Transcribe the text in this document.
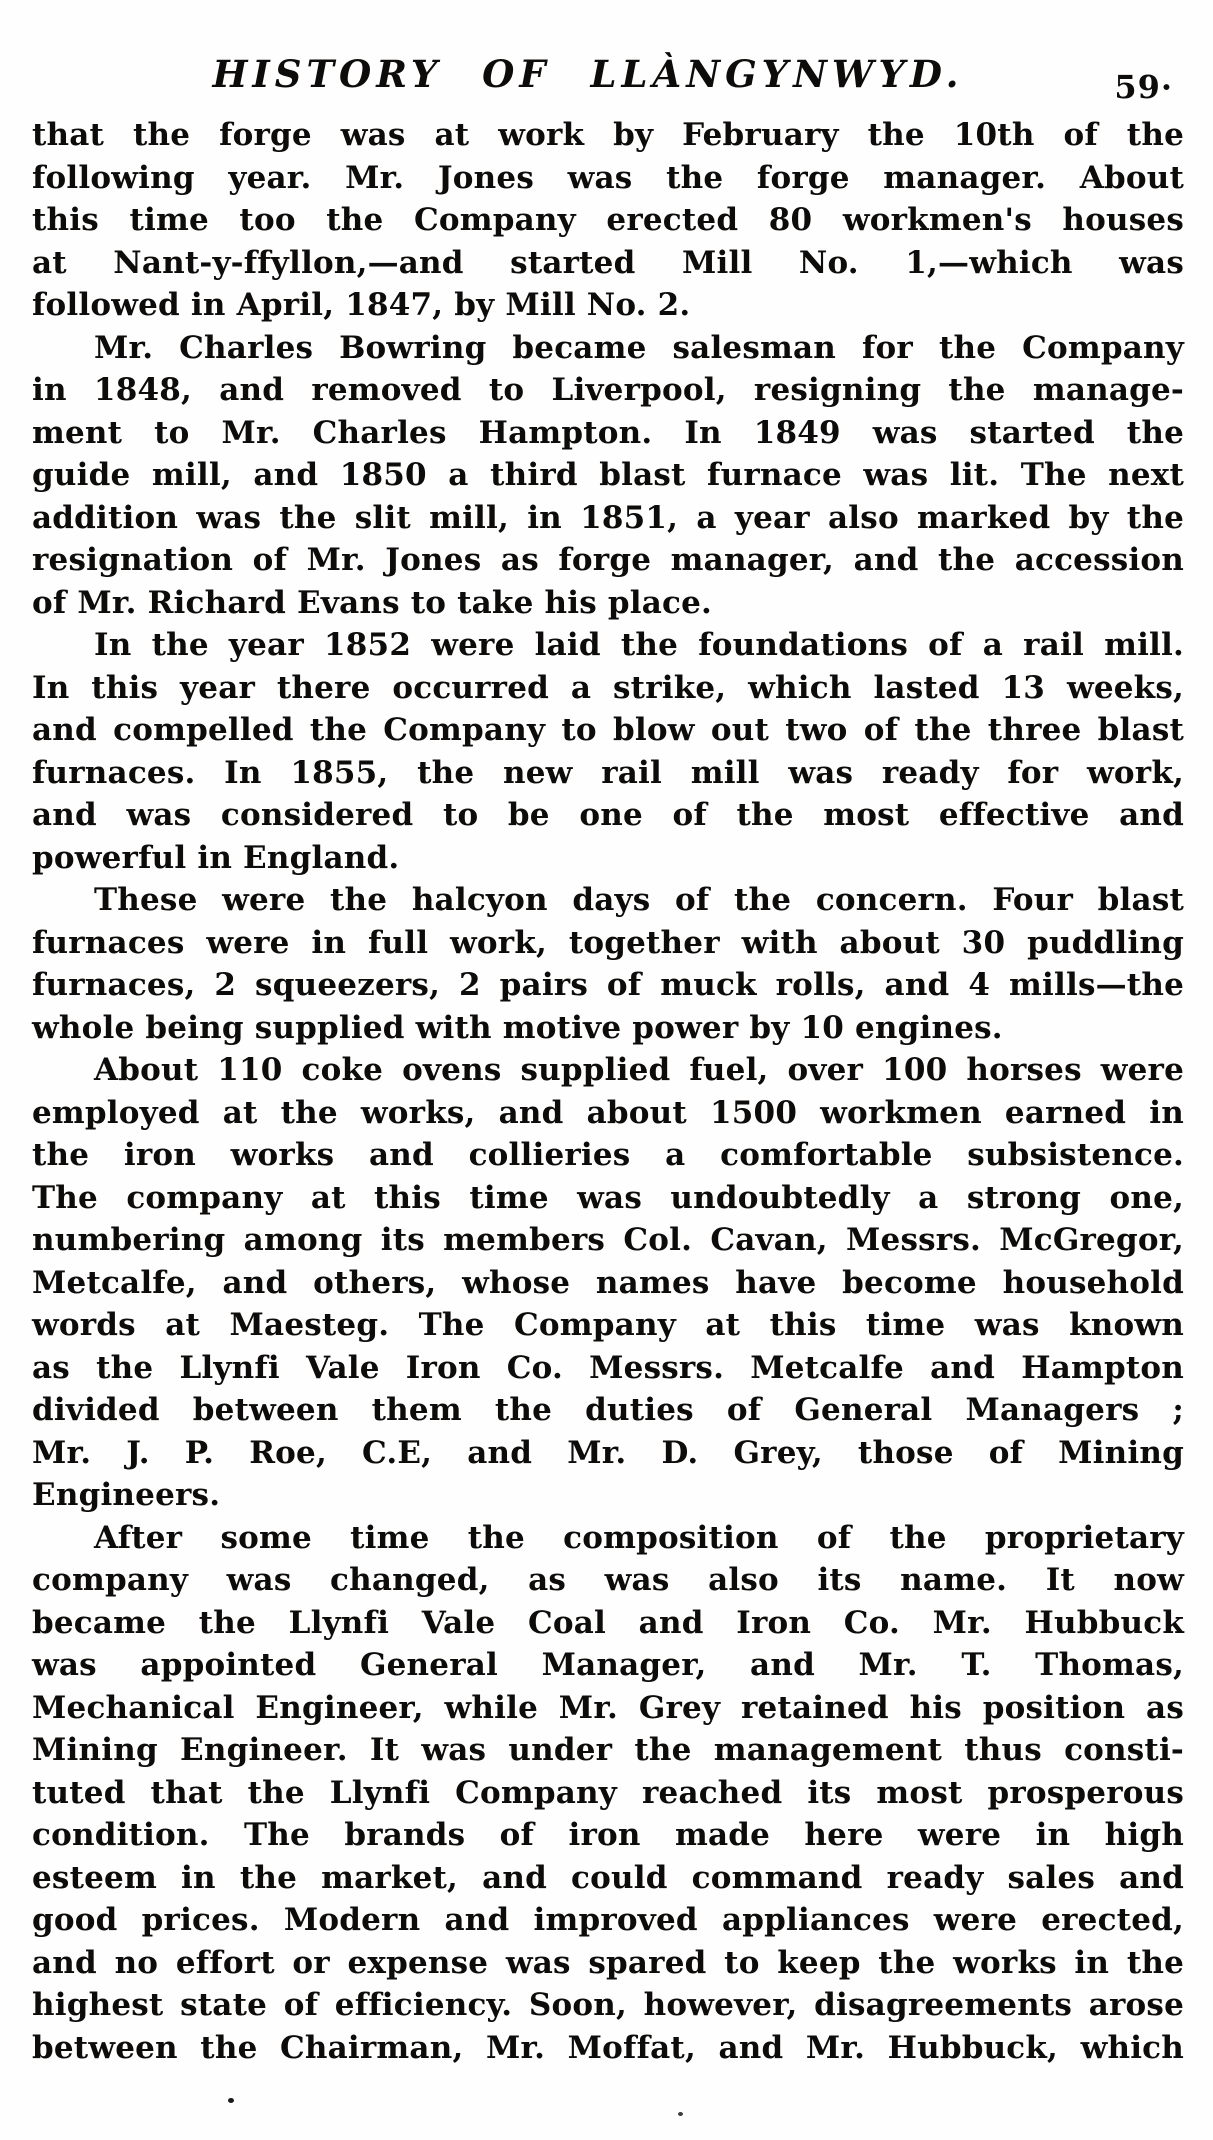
HISTORY OF LLÀNGYNWYD.	59·
that the forge was at work by February the 10th of the
following year. Mr. Jones was the forge manager. About
this time too the Company erected 80 workmen's houses
at Nant-y-ffyllon,—and started Mill No. 1,—which was
followed in April, 1847, by Mill No. 2.
Mr. Charles Bowring became salesman for the Company
in 1848, and removed to Liverpool, resigning the manage-
ment to Mr. Charles Hampton. In 1849 was started the
guide mill, and 1850 a third blast furnace was lit. The next
addition was the slit mill, in 1851, a year also marked by the
resignation of Mr. Jones as forge manager, and the accession
of Mr. Richard Evans to take his place.
In the year 1852 were laid the foundations of a rail mill.
In this year there occurred a strike, which lasted 13 weeks,
and compelled the Company to blow out two of the three blast
furnaces. In 1855, the new rail mill was ready for work,
and was considered to be one of the most effective and
powerful in England.
These were the halcyon days of the concern. Four blast
furnaces were in full work, together with about 30 puddling
furnaces, 2 squeezers, 2 pairs of muck rolls, and 4 mills—the
whole being supplied with motive power by 10 engines.
About 110 coke ovens supplied fuel, over 100 horses were
employed at the works, and about 1500 workmen earned in
the iron works and collieries a comfortable subsistence.
The company at this time was undoubtedly a strong one,
numbering among its members Col. Cavan, Messrs. McGregor,
Metcalfe, and others, whose names have become household
words at Maesteg. The Company at this time was known
as the Llynfi Vale Iron Co. Messrs. Metcalfe and Hampton
divided between them the duties of General Managers ;
Mr. J. P. Roe, C.E, and Mr. D. Grey, those of Mining
Engineers.
After some time the composition of the proprietary
company was changed, as was also its name. It now
became the Llynfi Vale Coal and Iron Co. Mr. Hubbuck
was appointed General Manager, and Mr. T. Thomas,
Mechanical Engineer, while Mr. Grey retained his position as
Mining Engineer. It was under the management thus consti-
tuted that the Llynfi Company reached its most prosperous
condition. The brands of iron made here were in high
esteem in the market, and could command ready sales and
good prices. Modern and improved appliances were erected,
and no effort or expense was spared to keep the works in the
highest state of efficiency. Soon, however, disagreements arose
between the Chairman, Mr. Moffat, and Mr. Hubbuck, which
